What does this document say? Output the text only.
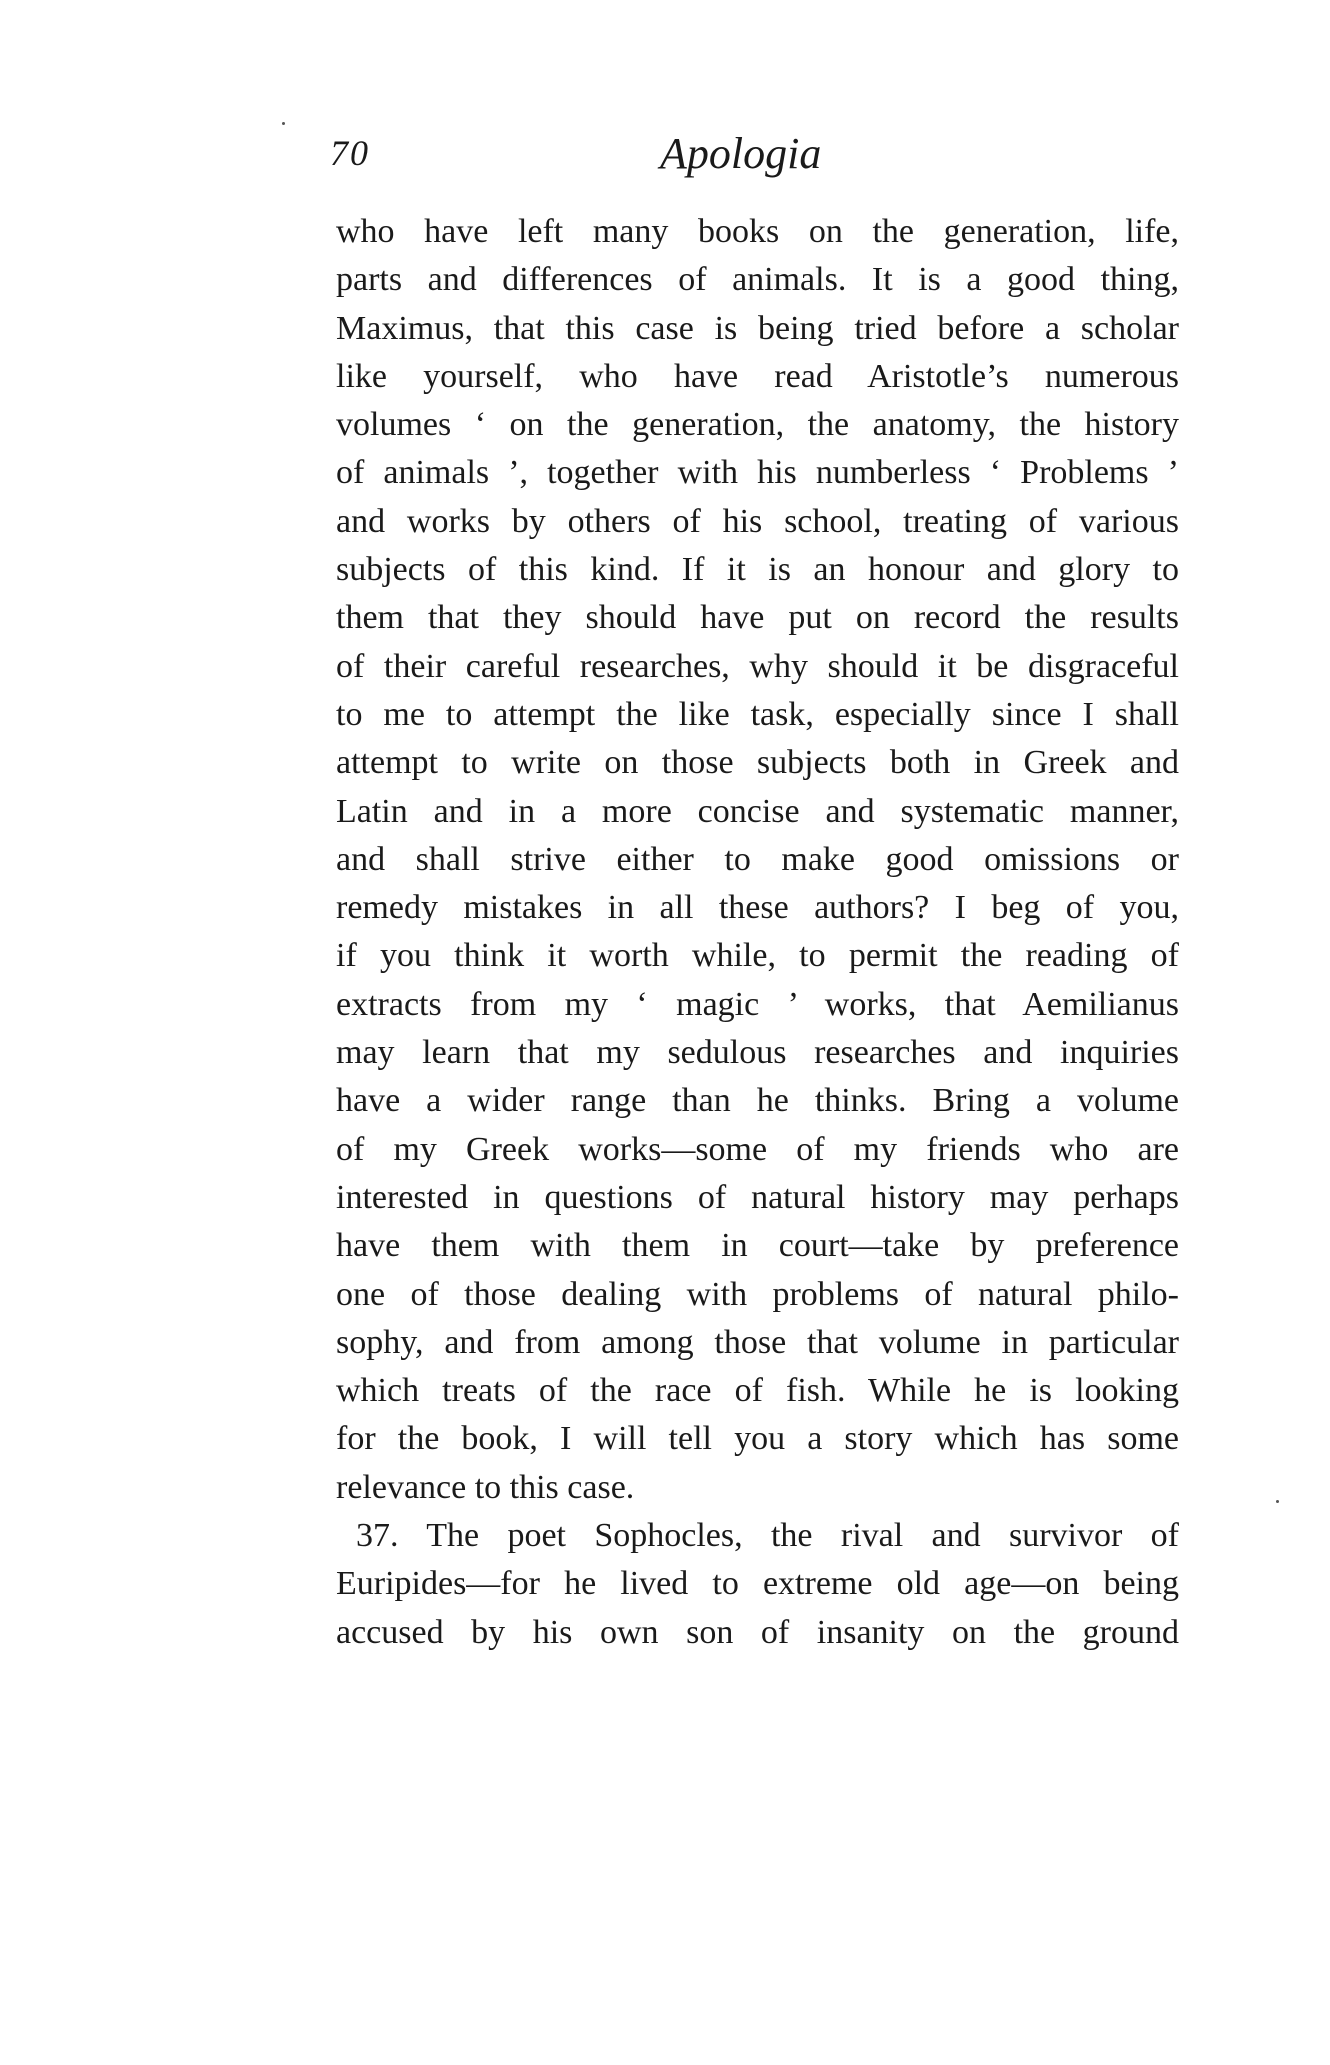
70	Apologia
who have left many books on the generation, life,
parts and differences of animals. It is a good thing,
Maximus, that this case is being tried before a scholar
like yourself, who have read Aristotle’s numerous
volumes ‘ on the generation, the anatomy, the history
of animals ’, together with his numberless ‘ Problems ’
and works by others of his school, treating of various
subjects of this kind. If it is an honour and glory to
them that they should have put on record the results
of their careful researches, why should it be disgraceful
to me to attempt the like task, especially since I shall
attempt to write on those subjects both in Greek and
Latin and in a more concise and systematic manner,
and shall strive either to make good omissions or
remedy mistakes in all these authors? I beg of you,
if you think it worth while, to permit the reading of
extracts from my ‘ magic ’ works, that Aemilianus
may learn that my sedulous researches and inquiries
have a wider range than he thinks. Bring a volume
of my Greek works—some of my friends who are
interested in questions of natural history may perhaps
have them with them in court—take by preference
one of those dealing with problems of natural philo-
sophy, and from among those that volume in particular
which treats of the race of fish. While he is looking
for the book, I will tell you a story which has some
relevance to this case.
37. The poet Sophocles, the rival and survivor of
Euripides—for he lived to extreme old age—on being
accused by his own son of insanity on the ground
